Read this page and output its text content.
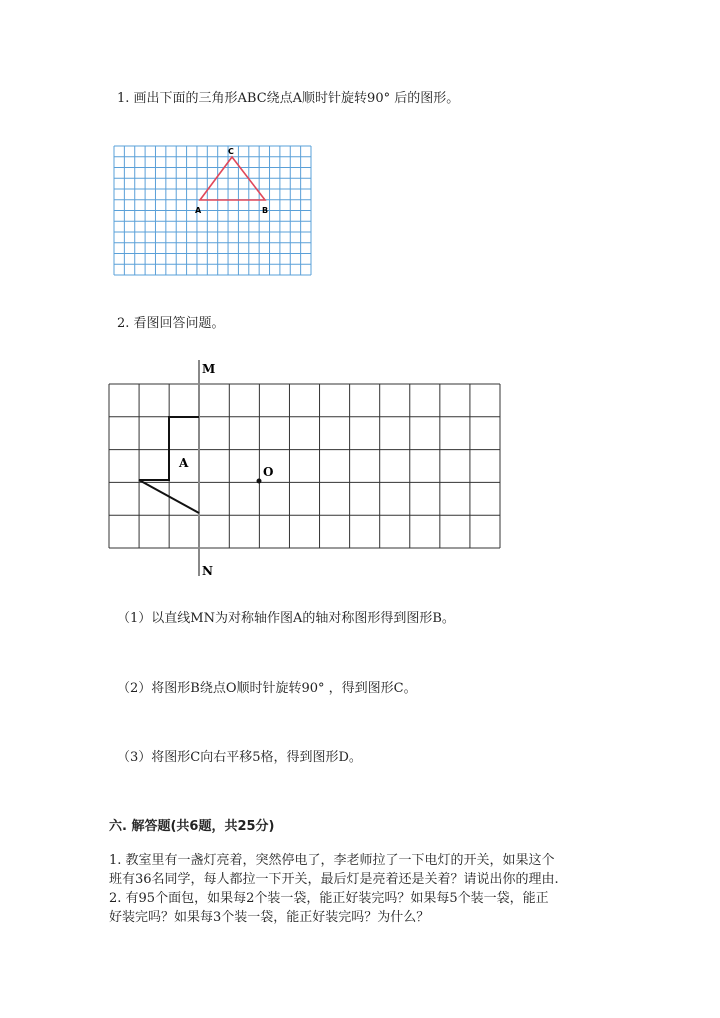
1. 画出下面的三角形ABC绕点A顺时针旋转90° 后的图形。
C
A	B
M
N
A
O
2. 看图回答问题。
（1）以直线MN为对称轴作图A的轴对称图形得到图形B。
（2）将图形B绕点O顺时针旋转90° ，得到图形C。
（3）将图形C向右平移5格，得到图形D。
六. 解答题(共6题，共25分)
1. 教室里有一盏灯亮着，突然停电了，李老师拉了一下电灯的开关，如果这个
班有36名同学，每人都拉一下开关，最后灯是亮着还是关着？请说出你的理由.
2. 有95个面包，如果每2个装一袋，能正好装完吗？如果每5个装一袋，能正
好装完吗？如果每3个装一袋，能正好装完吗？为什么？
